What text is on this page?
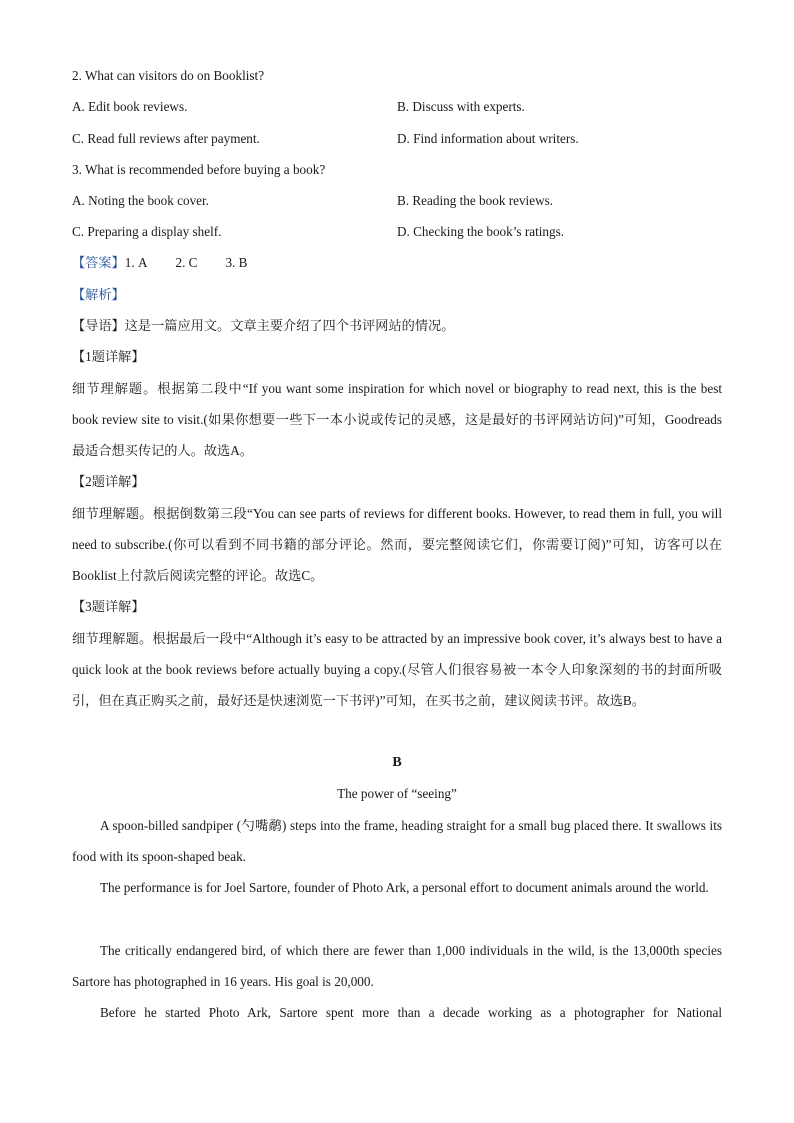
2. What can visitors do on Booklist?
A. Edit book reviews.	B. Discuss with experts.
C. Read full reviews after payment.	D. Find information about writers.
3. What is recommended before buying a book?
A. Noting the book cover.	B. Reading the book reviews.
C. Preparing a display shelf.	D. Checking the book’s ratings.
【答案】1. A 2. C 3. B
【解析】
【导语】这是一篇应用文。文章主要介绍了四个书评网站的情况。
【1题详解】

细节理解题。根据第二段中“If you want some inspiration for which novel or biography to read next, this is the best book review site to visit.(如果你想要一些下一本小说或传记的灵感，这是最好的书评网站访问)”可知，Goodreads最适合想买传记的人。故选A。

【2题详解】

细节理解题。根据倒数第三段“You can see parts of reviews for different books. However, to read them in full, you will need to subscribe.(你可以看到不同书籍的部分评论。然而，要完整阅读它们，你需要订阅)”可知，访客可以在Booklist上付款后阅读完整的评论。故选C。

【3题详解】

细节理解题。根据最后一段中“Although it’s easy to be attracted by an impressive book cover, it’s always best to have a quick look at the book reviews before actually buying a copy.(尽管人们很容易被一本令人印象深刻的书的封面所吸引，但在真正购买之前，最好还是快速浏览一下书评)”可知，在买书之前，建议阅读书评。故选B。

B
The power of “seeing”

A spoon-billed sandpiper (勺嘴鹬) steps into the frame, heading straight for a small bug placed there. It swallows its food with its spoon-shaped beak.

The performance is for Joel Sartore, founder of Photo Ark, a personal effort to document animals around the world.

The critically endangered bird, of which there are fewer than 1,000 individuals in the wild, is the 13,000th species Sartore has photographed in 16 years. His goal is 20,000.

Before he started Photo Ark, Sartore spent more than a decade working as a photographer for National
